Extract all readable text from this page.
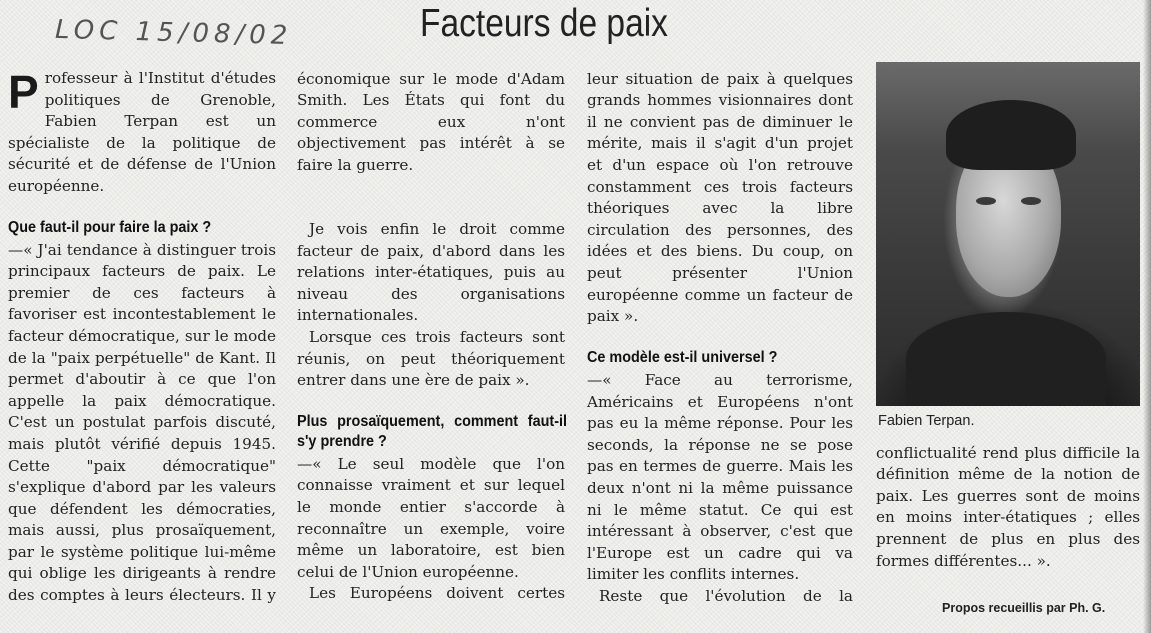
LOC 15/08/02	Facteurs de paix

Professeur à l'Institut d'études politiques de Grenoble, Fabien Terpan est un spécialiste de la politique de sécurité et de défense de l'Union européenne.

Que faut-il pour faire la paix ?

—« J'ai tendance à distinguer trois principaux facteurs de paix. Le premier de ces facteurs à favoriser est incontestablement le facteur démocratique, sur le mode de la "paix perpétuelle" de Kant. Il permet d'aboutir à ce que l'on appelle la paix démocratique. C'est un postulat parfois discuté, mais plutôt vérifié depuis 1945. Cette "paix démocratique" s'explique d'abord par les valeurs que défendent les démocraties, mais aussi, plus prosaïquement, par le système politique lui-même qui oblige les dirigeants à rendre des comptes à leurs électeurs. Il y

économique sur le mode d'Adam Smith. Les États qui font du commerce eux n'ont objectivement pas intérêt à se faire la guerre.

Je vois enfin le droit comme facteur de paix, d'abord dans les relations inter-étatiques, puis au niveau des organisations internationales.

Lorsque ces trois facteurs sont réunis, on peut théoriquement entrer dans une ère de paix ».

Plus prosaïquement, comment faut-il s'y prendre ?

—« Le seul modèle que l'on connaisse vraiment et sur lequel le monde entier s'accorde à reconnaître un exemple, voire même un laboratoire, est bien celui de l'Union européenne.

Les Européens doivent certes

leur situation de paix à quelques grands hommes visionnaires dont il ne convient pas de diminuer le mérite, mais il s'agit d'un projet et d'un espace où l'on retrouve constamment ces trois facteurs théoriques avec la libre circulation des personnes, des idées et des biens. Du coup, on peut présenter l'Union européenne comme un facteur de paix ».

Ce modèle est-il universel ?

—« Face au terrorisme, Américains et Européens n'ont pas eu la même réponse. Pour les seconds, la réponse ne se pose pas en termes de guerre. Mais les deux n'ont ni la même puissance ni le même statut. Ce qui est intéressant à observer, c'est que l'Europe est un cadre qui va limiter les conflits internes.

Reste que l'évolution de la

Fabien Terpan.

conflictualité rend plus difficile la définition même de la notion de paix. Les guerres sont de moins en moins inter-étatiques ; elles prennent de plus en plus des formes différentes... ».

Propos recueillis par Ph. G.
